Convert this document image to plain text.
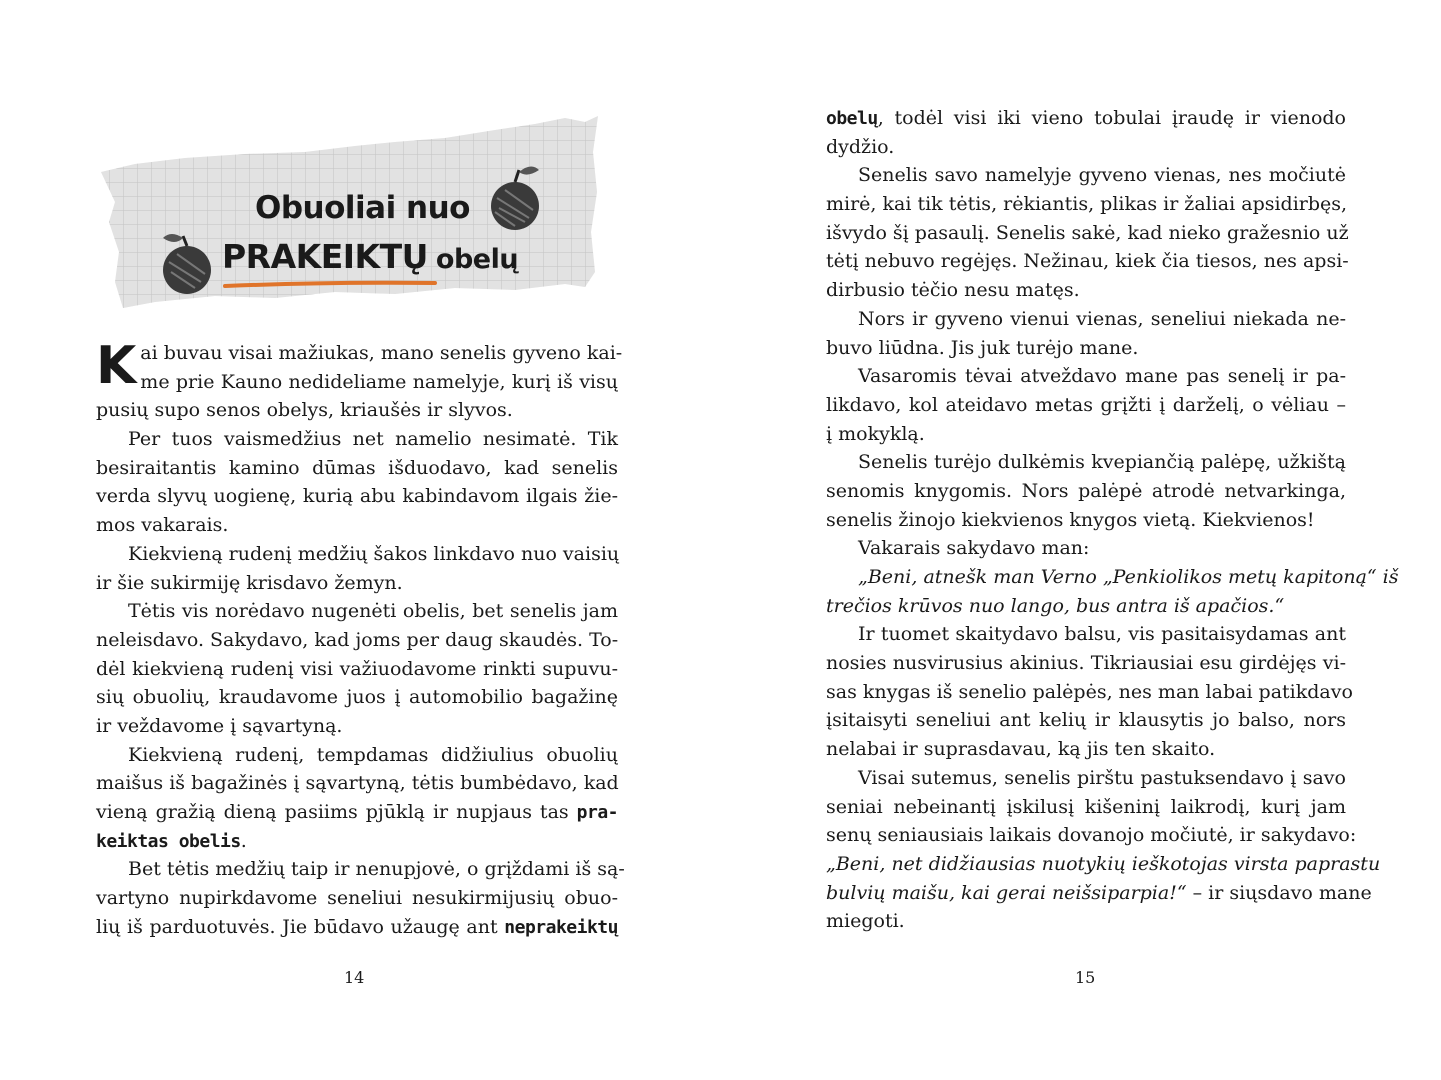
Obuoliai nuo
PRAKEIKTŲ obelų
K ai buvau visai mažiukas, mano senelis gyveno kai-
me prie Kauno nedideliame namelyje, kurį iš visų
pusių supo senos obelys, kriaušės ir slyvos.
Per tuos vaismedžius net namelio nesimatė. Tik
besiraitantis kamino dūmas išduodavo, kad senelis
verda slyvų uogienę, kurią abu kabindavom ilgais žie-
mos vakarais.
Kiekvieną rudenį medžių šakos linkdavo nuo vaisių
ir šie sukirmiję krisdavo žemyn.
Tėtis vis norėdavo nugenėti obelis, bet senelis jam
neleisdavo. Sakydavo, kad joms per daug skaudės. To-
dėl kiekvieną rudenį visi važiuodavome rinkti supuvu-
sių obuolių, kraudavome juos į automobilio bagažinę
ir veždavome į sąvartyną.
Kiekvieną rudenį, tempdamas didžiulius obuolių
maišus iš bagažinės į sąvartyną, tėtis bumbėdavo, kad
vieną gražią dieną pasiims pjūklą ir nupjaus tas pra-
keiktas obelis.
Bet tėtis medžių taip ir nenupjovė, o grįždami iš są-
vartyno nupirkdavome seneliui nesukirmijusių obuo-
lių iš parduotuvės. Jie būdavo užaugę ant neprakeiktų
14	15
obelų, todėl visi iki vieno tobulai įraudę ir vienodo
dydžio.
Senelis savo namelyje gyveno vienas, nes močiutė
mirė, kai tik tėtis, rėkiantis, plikas ir žaliai apsidirbęs,
išvydo šį pasaulį. Senelis sakė, kad nieko gražesnio už
tėtį nebuvo regėjęs. Nežinau, kiek čia tiesos, nes apsi-
dirbusio tėčio nesu matęs.
Nors ir gyveno vienui vienas, seneliui niekada ne-
buvo liūdna. Jis juk turėjo mane.
Vasaromis tėvai atveždavo mane pas senelį ir pa-
likdavo, kol ateidavo metas grįžti į darželį, o vėliau –
į mokyklą.
Senelis turėjo dulkėmis kvepiančią palėpę, užkištą
senomis knygomis. Nors palėpė atrodė netvarkinga,
senelis žinojo kiekvienos knygos vietą. Kiekvienos!
Vakarais sakydavo man:
„Beni, atnešk man Verno „Penkiolikos metų kapitoną“ iš
trečios krūvos nuo lango, bus antra iš apačios.“
Ir tuomet skaitydavo balsu, vis pasitaisydamas ant
nosies nusvirusius akinius. Tikriausiai esu girdėjęs vi-
sas knygas iš senelio palėpės, nes man labai patikdavo
įsitaisyti seneliui ant kelių ir klausytis jo balso, nors
nelabai ir suprasdavau, ką jis ten skaito.
Visai sutemus, senelis pirštu pastuksendavo į savo
seniai nebeinantį įskilusį kišeninį laikrodį, kurį jam
senų seniausiais laikais dovanojo močiutė, ir sakydavo:
„Beni, net didžiausias nuotykių ieškotojas virsta paprastu
bulvių maišu, kai gerai neišsiparpia!“ – ir siųsdavo mane
miegoti.
